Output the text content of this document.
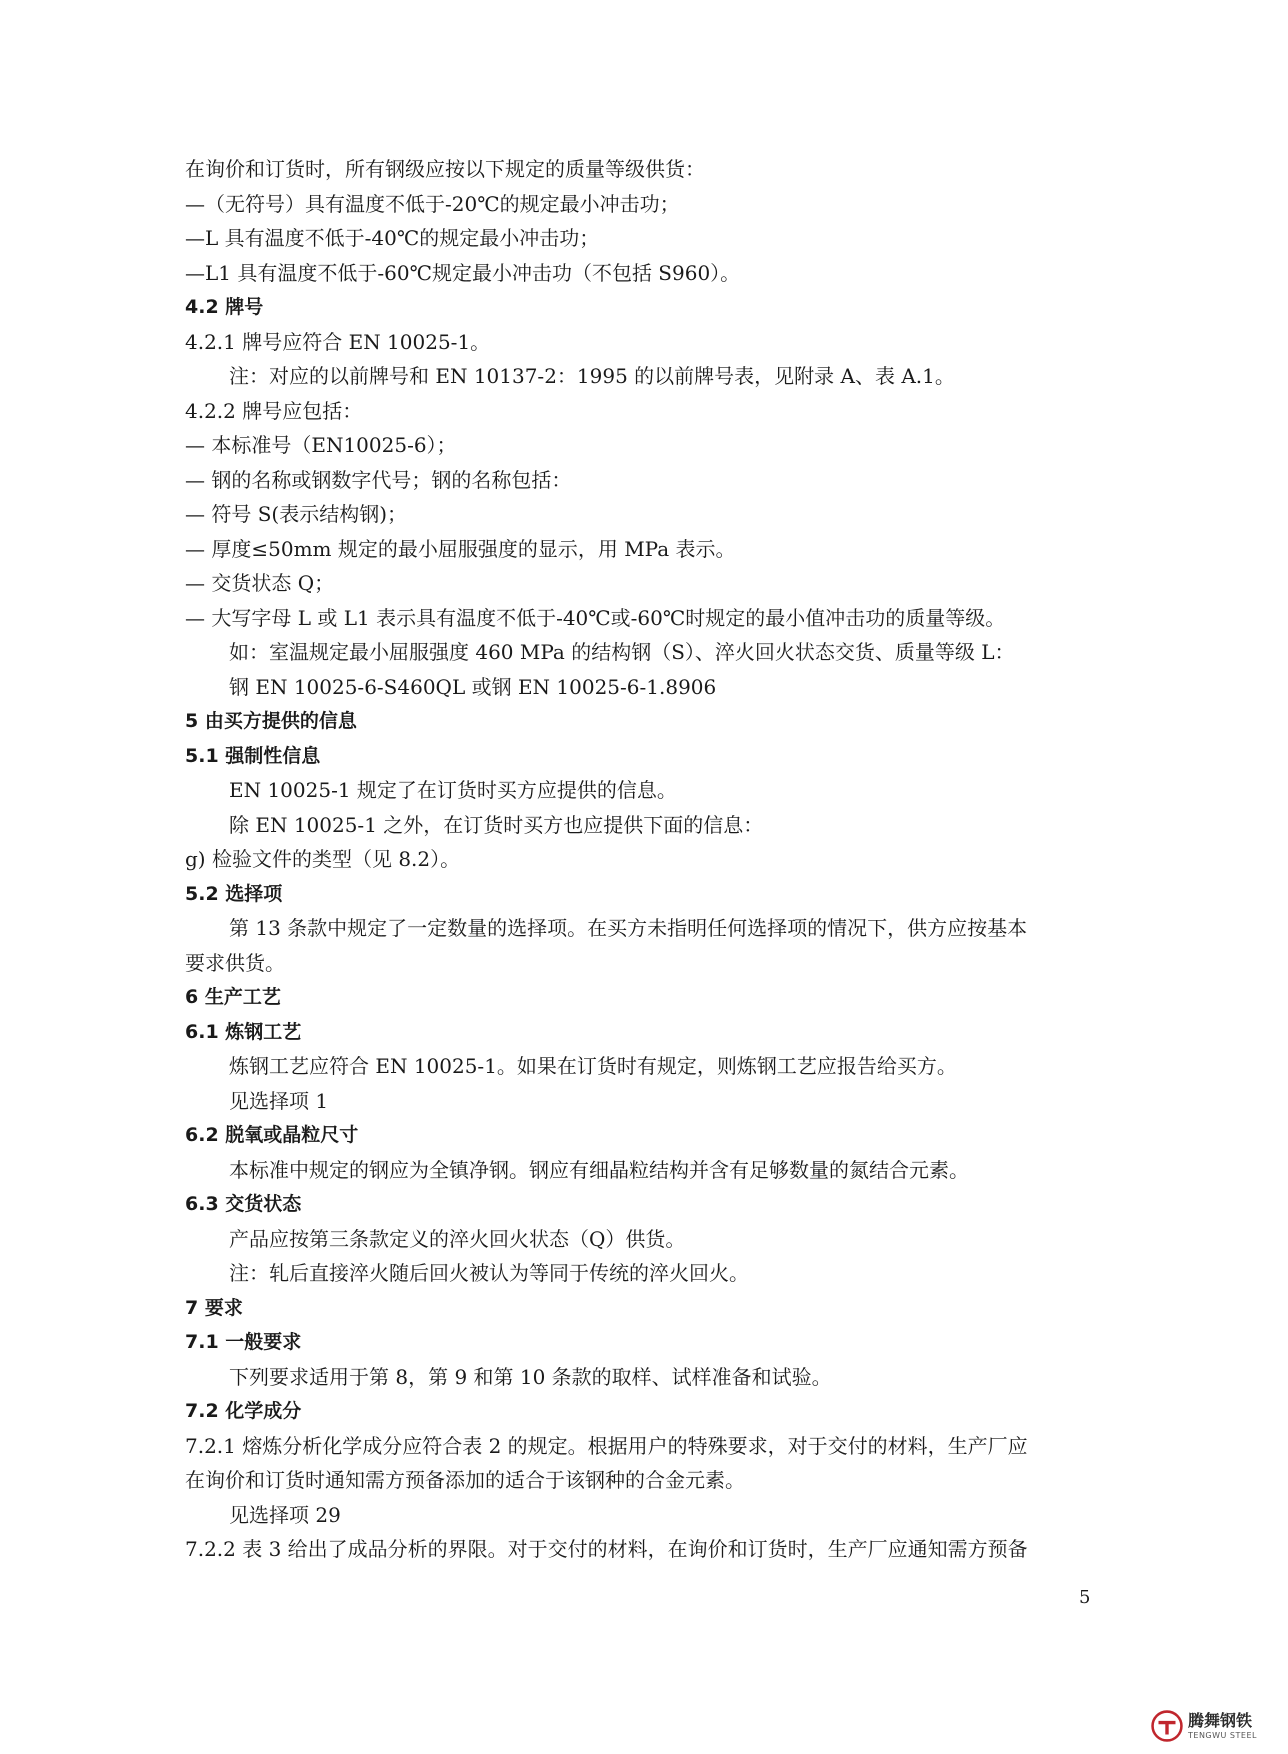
在询价和订货时，所有钢级应按以下规定的质量等级供货：
—（无符号）具有温度不低于-20℃的规定最小冲击功；
—L 具有温度不低于-40℃的规定最小冲击功；
—L1 具有温度不低于-60℃规定最小冲击功（不包括 S960）。
4.2 牌号
4.2.1 牌号应符合 EN 10025-1。
注：对应的以前牌号和 EN 10137-2：1995 的以前牌号表，见附录 A、表 A.1。
4.2.2 牌号应包括：
— 本标准号（EN10025-6）；
— 钢的名称或钢数字代号；钢的名称包括：
— 符号 S(表示结构钢)；
— 厚度≤50mm 规定的最小屈服强度的显示，用 MPa 表示。
— 交货状态 Q；
— 大写字母 L 或 L1 表示具有温度不低于-40℃或-60℃时规定的最小值冲击功的质量等级。
如：室温规定最小屈服强度 460 MPa 的结构钢（S）、淬火回火状态交货、质量等级 L：
钢 EN 10025-6-S460QL 或钢 EN 10025-6-1.8906
5 由买方提供的信息
5.1 强制性信息
EN 10025-1 规定了在订货时买方应提供的信息。
除 EN 10025-1 之外，在订货时买方也应提供下面的信息：
g) 检验文件的类型（见 8.2）。
5.2 选择项
第 13 条款中规定了一定数量的选择项。在买方未指明任何选择项的情况下，供方应按基本
要求供货。
6 生产工艺
6.1 炼钢工艺
炼钢工艺应符合 EN 10025-1。如果在订货时有规定，则炼钢工艺应报告给买方。
见选择项 1
6.2 脱氧或晶粒尺寸
本标准中规定的钢应为全镇净钢。钢应有细晶粒结构并含有足够数量的氮结合元素。
6.3 交货状态
产品应按第三条款定义的淬火回火状态（Q）供货。
注：轧后直接淬火随后回火被认为等同于传统的淬火回火。
7 要求
7.1 一般要求
下列要求适用于第 8，第 9 和第 10 条款的取样、试样准备和试验。
7.2 化学成分
7.2.1 熔炼分析化学成分应符合表 2 的规定。根据用户的特殊要求，对于交付的材料，生产厂应
在询价和订货时通知需方预备添加的适合于该钢种的合金元素。
见选择项 29
7.2.2 表 3 给出了成品分析的界限。对于交付的材料，在询价和订货时，生产厂应通知需方预备
5
腾舞钢铁
TENGWU STEEL
